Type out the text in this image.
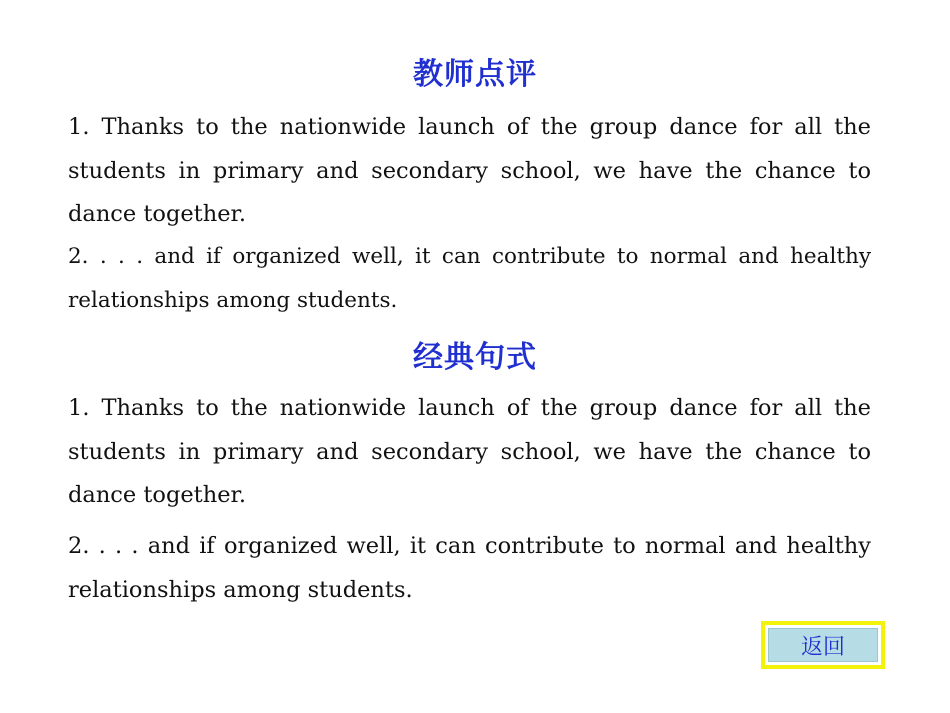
教师点评

1. Thanks to the nationwide launch of the group dance for all the students in primary and secondary school, we have the chance to dance together.

2. . . . and if organized well, it can contribute to normal and healthy relationships among students.

经典句式

1. Thanks to the nationwide launch of the group dance for all the students in primary and secondary school, we have the chance to dance together.

2. . . . and if organized well, it can contribute to normal and healthy relationships among students.

返回
